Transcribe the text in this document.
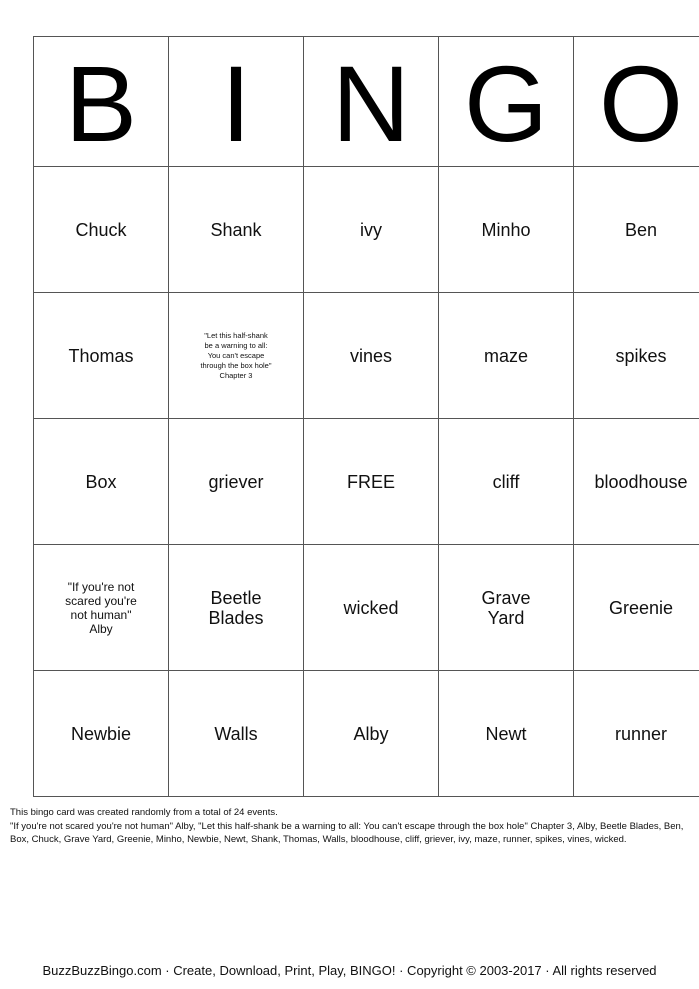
B	I	N	G	O
Chuck	Shank	ivy	Minho	Ben
Thomas	"Let this half-shank
be a warning to all:
You can't escape
through the box hole"
Chapter 3	vines	maze	spikes
Box	griever	FREE	cliff	bloodhouse
"If you're not
scared you're
not human"
Alby	Beetle
Blades	wicked	Grave
Yard	Greenie
Newbie	Walls	Alby	Newt	runner
This bingo card was created randomly from a total of 24 events.
"If you're not scared you're not human" Alby, "Let this half-shank be a warning to all: You can't escape through the box hole" Chapter 3, Alby, Beetle Blades, Ben, Box, Chuck, Grave Yard, Greenie, Minho, Newbie, Newt, Shank, Thomas, Walls, bloodhouse, cliff, griever, ivy, maze, runner, spikes, vines, wicked.
BuzzBuzzBingo.com · Create, Download, Print, Play, BINGO! · Copyright © 2003-2017 · All rights reserved
